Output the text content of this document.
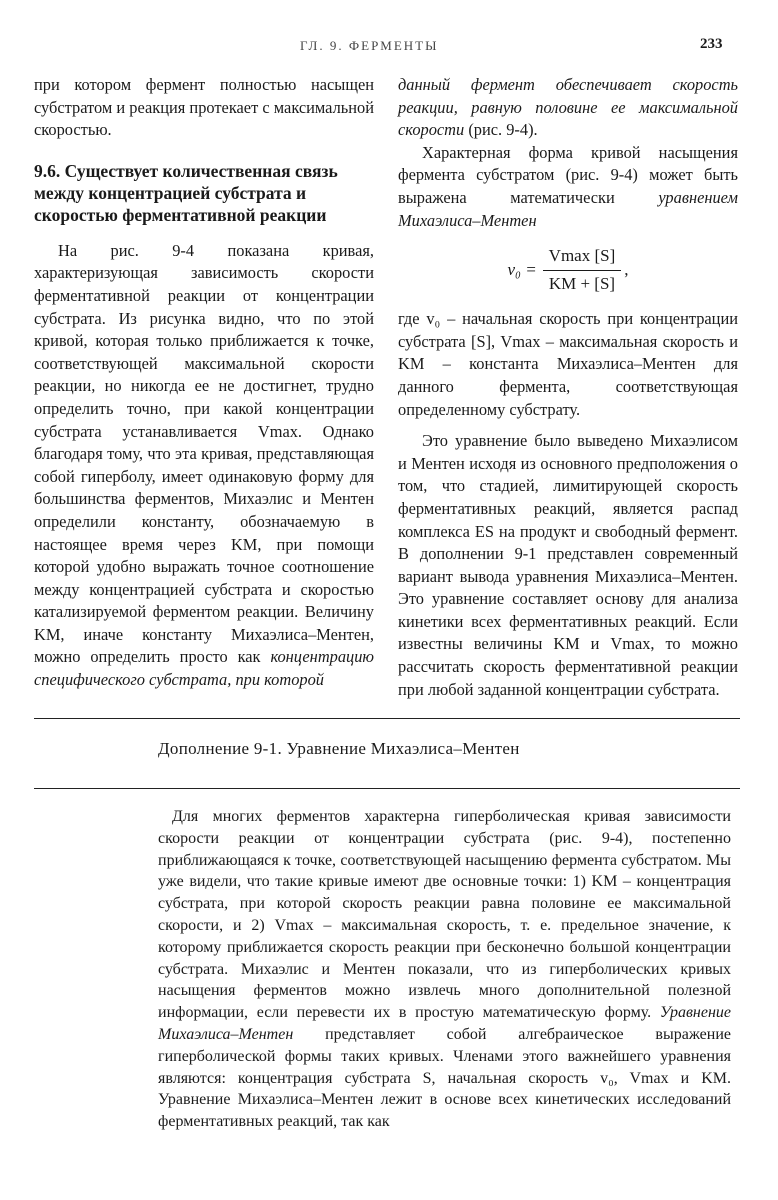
ГЛ. 9. ФЕРМЕНТЫ	233

при котором фермент полностью насыщен субстратом и реакция протекает с максимальной скоростью.

9.6. Существует количественная связь между концентрацией субстрата и скоростью ферментативной реакции

На рис. 9-4 показана кривая, характеризующая зависимость скорости ферментативной реакции от концентрации субстрата. Из рисунка видно, что по этой кривой, которая только приближается к точке, соответствующей максимальной скорости реакции, но никогда ее не достигнет, трудно определить точно, при какой концентрации субстрата устанавливается Vmax. Однако благодаря тому, что эта кривая, представляющая собой гиперболу, имеет одинаковую форму для большинства ферментов, Михаэлис и Ментен определили константу, обозначаемую в настоящее время через KM, при помощи которой удобно выражать точное соотношение между концентрацией субстрата и скоростью катализируемой ферментом реакции. Величину KM, иначе константу Михаэлиса–Ментен, можно определить просто как концентрацию специфического субстрата, при которой

данный фермент обеспечивает скорость реакции, равную половине ее максимальной скорости (рис. 9-4).

Характерная форма кривой насыщения фермента субстратом (рис. 9-4) может быть выражена математически	уравнением Михаэлиса–Ментен

$v_0 = \frac{Vmax [S]}{KM + [S]}$ ,

где v₀ – начальная скорость при концентрации субстрата [S], Vmax – максимальная скорость и KM – константа Михаэлиса–Ментен для данного фермента, соответствующая определенному субстрату.

Это уравнение было выведено Михаэлисом и Ментен исходя из основного предположения о том, что стадией, лимитирующей скорость ферментативных реакций, является распад комплекса ES на продукт и свободный фермент. В дополнении 9-1 представлен современный вариант вывода уравнения Михаэлиса–Ментен. Это уравнение составляет основу для анализа кинетики всех ферментативных реакций. Если известны величины KM и Vmax, то можно рассчитать скорость ферментативной реакции при любой заданной концентрации субстрата.

Дополнение 9-1. Уравнение Михаэлиса–Ментен

Для многих ферментов характерна гиперболическая кривая зависимости скорости реакции от концентрации субстрата (рис. 9-4), постепенно приближающаяся к точке, соответствующей насыщению фермента субстратом. Мы уже видели, что такие кривые имеют две основные точки: 1) KM – концентрация субстрата, при которой скорость реакции равна половине ее максимальной скорости, и 2) Vmax – максимальная скорость, т. е. предельное значение, к которому приближается скорость реакции при бесконечно большой концентрации субстрата. Михаэлис и Ментен показали, что из гиперболических кривых насыщения ферментов можно извлечь много дополнительной полезной информации, если перевести их в простую математическую форму. Уравнение Михаэлиса–Ментен представляет собой алгебраическое выражение гиперболической формы таких кривых. Членами этого важнейшего уравнения являются: концентрация субстрата S, начальная скорость v₀, Vmax и KM. Уравнение Михаэлиса–Ментен лежит в основе всех кинетических исследований ферментативных реакций, так как
